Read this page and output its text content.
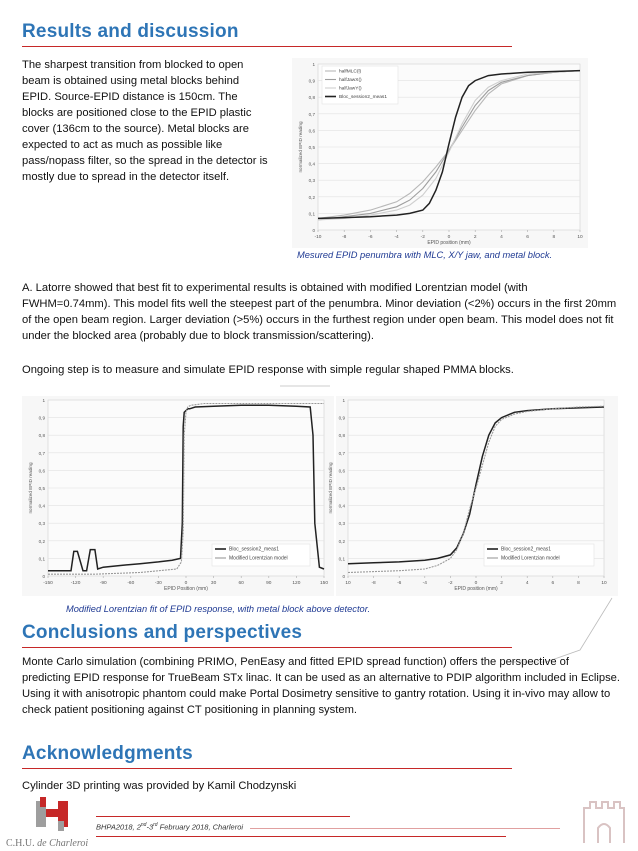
Results and discussion
The sharpest transition from blocked to open beam is obtained using metal blocks behind EPID. Source-EPID distance is 150cm. The blocks are positioned close to the EPID plastic cover (136cm to the source). Metal blocks are expected to act as much as possible like pass/nopass filter, so the spread in the detector is mostly due to spread in the detector itself.
0
0,1
0,2
0,3
0,4
0,5
0,6
0,7
0,8
0,9
1
-10	-8	-6	-4	-2	0	2	4	6	8	10
EPID position (mm)
normalized EPID reading
halfMLC(l)
halfJawX()
halfJawY()
Bloc_session2_meas1
Mesured EPID penumbra with MLC, X/Y jaw, and metal block.
A. Latorre showed that best fit to experimental results is obtained with modified Lorentzian model (with FWHM=0.74mm). This model fits well the steepest part of the penumbra. Minor deviation (<2%) occurs in the first 20mm of the open beam region. Larger deviation (>5%) occurs in the furthest region under open beam. This model does not fit under the blocked area (probably due to block transmission/scattering).
Ongoing step is to measure and simulate EPID response with simple regular shaped PMMA blocks.
0
0,1
0,2
0,3
0,4
0,5
0,6
0,7
0,8
0,9
1
-150	-120	-90	-60	-30	0	30	60	90	120	150
EPID Position (mm)
normalized EPID reading
Bloc_session2_meas1
Modified Lorentzian model
0
0,1
0,2
0,3
0,4
0,5
0,6
0,7
0,8
0,9
1
10	-8	-6	-4	-2	0	2	4	6	8	10
EPID position (mm)
normalized EPID reading
Bloc_session2_meas1
Modified Lorentzian model
Modified Lorentzian fit of EPID response, with metal block above detector.
Conclusions and perspectives
Monte Carlo simulation (combining PRIMO, PenEasy and fitted EPID spread function) offers the perspective of predicting EPID response for TrueBeam STx linac. It can be used as an alternative to PDIP algorithm included in Eclipse. Using it with anisotropic phantom could make Portal Dosimetry sensitive to gantry rotation. Using it in-vivo may allow to check patient positioning against CT positioning in planning system.
Acknowledgments
Cylinder 3D printing was provided by Kamil Chodzynski
C.H.U. de Charleroi
BHPA2018, 2nd-3rd February 2018, Charleroi
